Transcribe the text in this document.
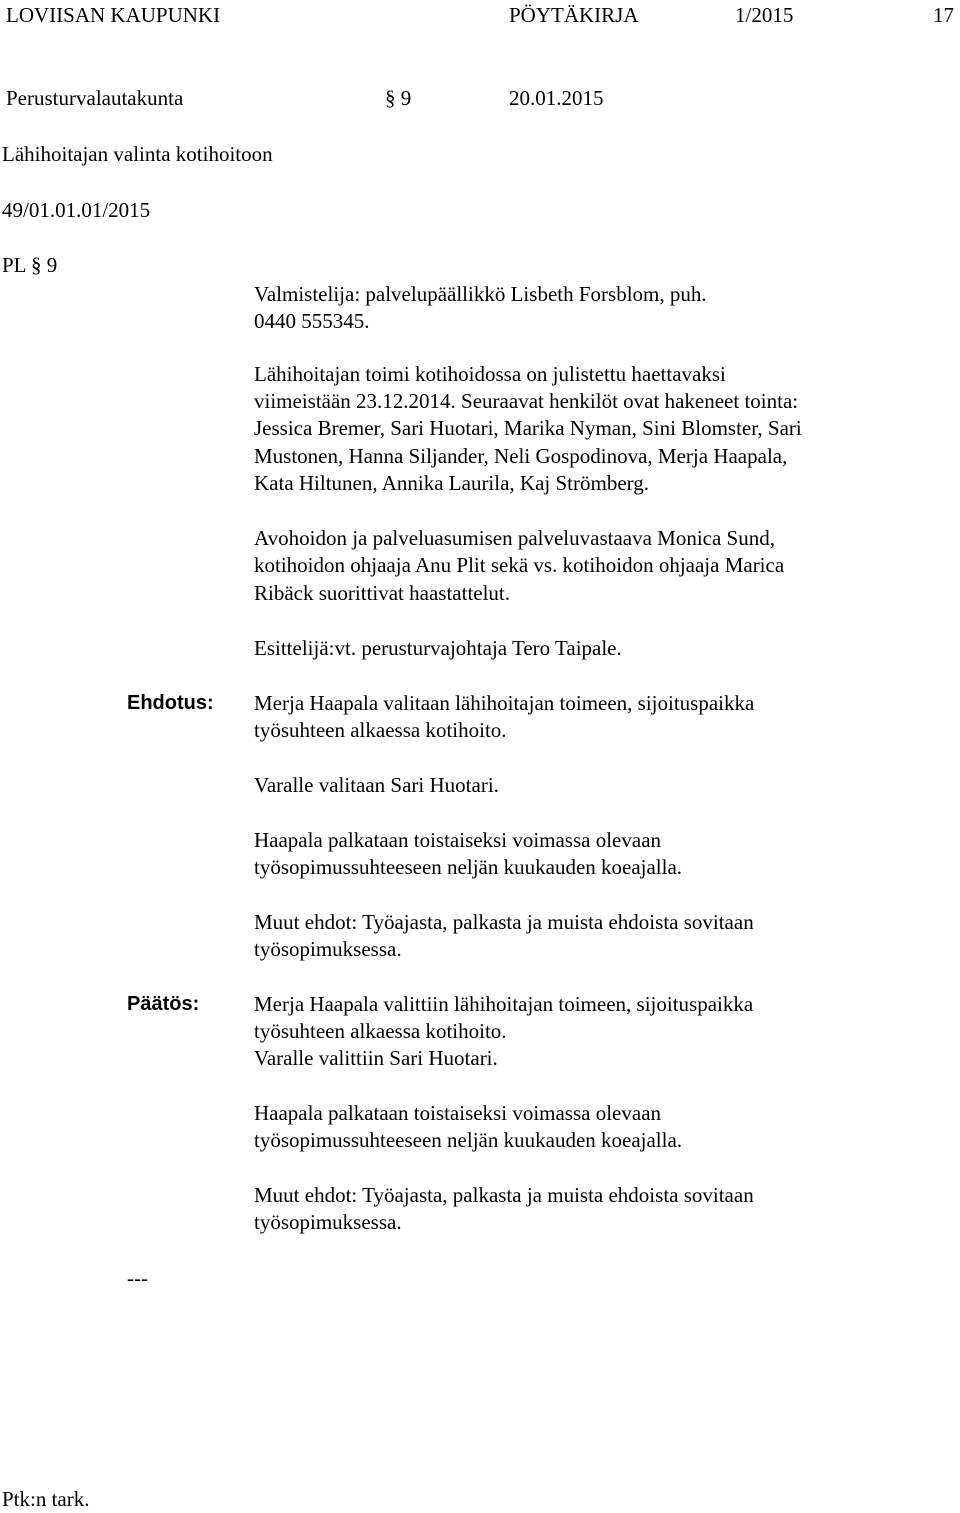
LOVIISAN KAUPUNKI	PÖYTÄKIRJA	1/2015	17
Perusturvalautakunta	§ 9	20.01.2015
Lähihoitajan valinta kotihoitoon
49/01.01.01/2015
PL § 9
Valmistelija: palvelupäällikkö Lisbeth Forsblom, puh.
0440 555345.
Lähihoitajan toimi kotihoidossa on julistettu haettavaksi
viimeistään 23.12.2014. Seuraavat henkilöt ovat hakeneet tointa:
Jessica Bremer, Sari Huotari, Marika Nyman, Sini Blomster, Sari
Mustonen, Hanna Siljander, Neli Gospodinova, Merja Haapala,
Kata Hiltunen, Annika Laurila, Kaj Strömberg.
Avohoidon ja palveluasumisen palveluvastaava Monica Sund,
kotihoidon ohjaaja Anu Plit sekä vs. kotihoidon ohjaaja Marica
Ribäck suorittivat haastattelut.
Esittelijä:vt. perusturvajohtaja Tero Taipale.
Ehdotus: Merja Haapala valitaan lähihoitajan toimeen, sijoituspaikka
työsuhteen alkaessa kotihoito.
Varalle valitaan Sari Huotari.
Haapala palkataan toistaiseksi voimassa olevaan
työsopimussuhteeseen neljän kuukauden koeajalla.
Muut ehdot: Työajasta, palkasta ja muista ehdoista sovitaan
työsopimuksessa.
Päätös:	Merja Haapala valittiin lähihoitajan toimeen, sijoituspaikka
työsuhteen alkaessa kotihoito.
Varalle valittiin Sari Huotari.
Haapala palkataan toistaiseksi voimassa olevaan
työsopimussuhteeseen neljän kuukauden koeajalla.
Muut ehdot: Työajasta, palkasta ja muista ehdoista sovitaan
työsopimuksessa.
---
Ptk:n tark.
